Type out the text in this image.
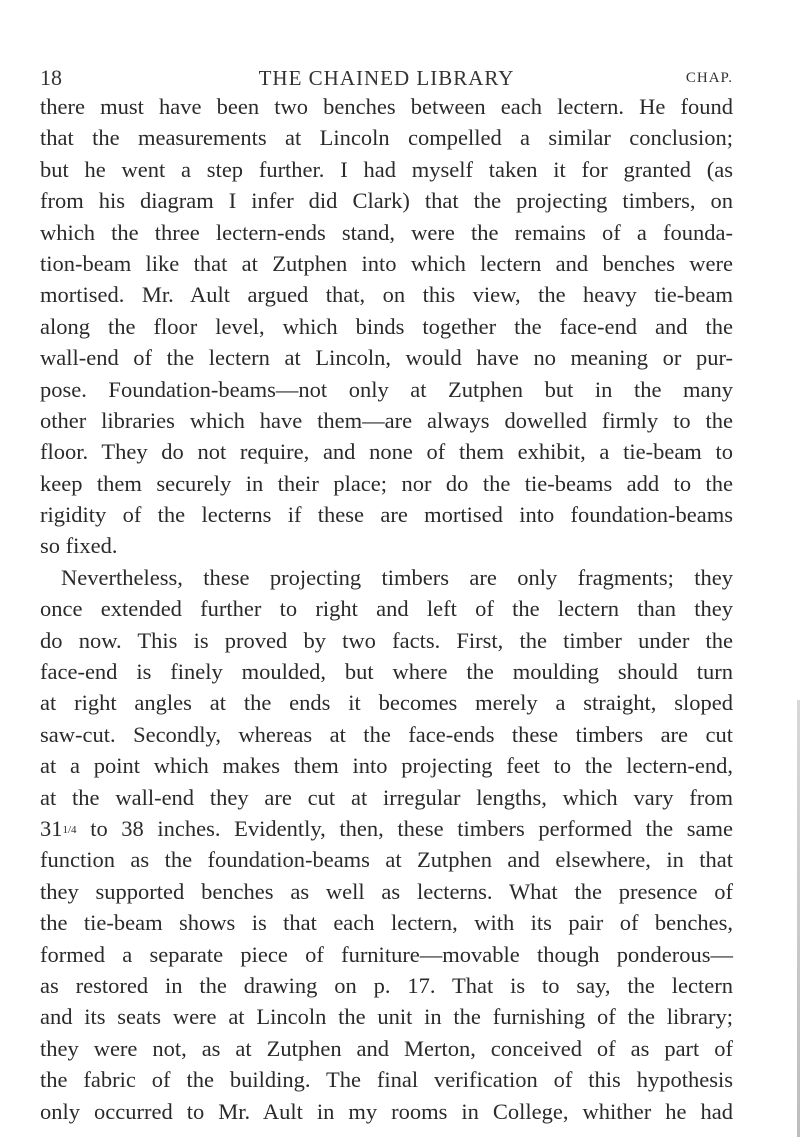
18	THE CHAINED LIBRARY	CHAP.
there must have been two benches between each lectern. He found
that the measurements at Lincoln compelled a similar conclusion;
but he went a step further. I had myself taken it for granted (as
from his diagram I infer did Clark) that the projecting timbers, on
which the three lectern-ends stand, were the remains of a founda-
tion-beam like that at Zutphen into which lectern and benches were
mortised. Mr. Ault argued that, on this view, the heavy tie-beam
along the floor level, which binds together the face-end and the
wall-end of the lectern at Lincoln, would have no meaning or pur-
pose. Foundation-beams—not only at Zutphen but in the many
other libraries which have them—are always dowelled firmly to the
floor. They do not require, and none of them exhibit, a tie-beam to
keep them securely in their place; nor do the tie-beams add to the
rigidity of the lecterns if these are mortised into foundation-beams
so fixed.
Nevertheless, these projecting timbers are only fragments; they
once extended further to right and left of the lectern than they
do now. This is proved by two facts. First, the timber under the
face-end is finely moulded, but where the moulding should turn
at right angles at the ends it becomes merely a straight, sloped
saw-cut. Secondly, whereas at the face-ends these timbers are cut
at a point which makes them into projecting feet to the lectern-end,
at the wall-end they are cut at irregular lengths, which vary from
311/4 to 38 inches. Evidently, then, these timbers performed the same
function as the foundation-beams at Zutphen and elsewhere, in that
they supported benches as well as lecterns. What the presence of
the tie-beam shows is that each lectern, with its pair of benches,
formed a separate piece of furniture—movable though ponderous—
as restored in the drawing on p. 17. That is to say, the lectern
and its seats were at Lincoln the unit in the furnishing of the library;
they were not, as at Zutphen and Merton, conceived of as part of
the fabric of the building. The final verification of this hypothesis
only occurred to Mr. Ault in my rooms in College, whither he had
